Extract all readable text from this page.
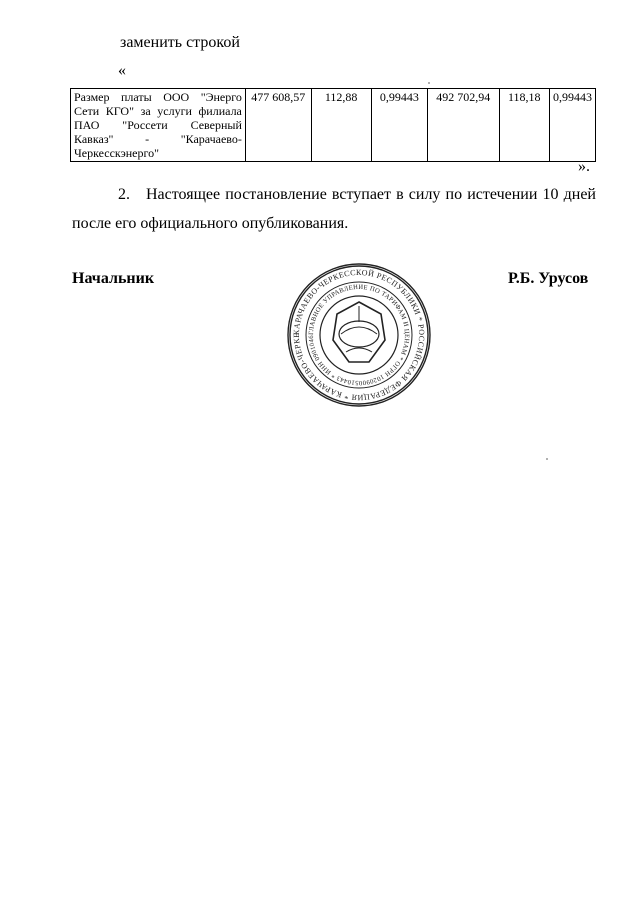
заменить строкой
«
Размер платы ООО "Энерго Сети КГО" за услуги филиала ПАО "Россети Северный Кавказ" - "Карачаево-Черкесскэнерго"	477 608,57	112,88	0,99443	492 702,94	118,18	0,99443
».
2. Настоящее постановление вступает в силу по истечении 10 дней после его официального опубликования.
Начальник	Р.Б. Урусов
КАРАЧАЕВО-ЧЕРКЕССКОЙ РЕСПУБЛИКИ * РОССИЙСКАЯ ФЕДЕРАЦИЯ * КАРАЧАЕВО-ЧЕРКЕ	ГЛАВНОЕ УПРАВЛЕНИЕ ПО ТАРИФАМ И ЦЕНАМ * ОГРН 1020900510443 * ИНН 0901046
